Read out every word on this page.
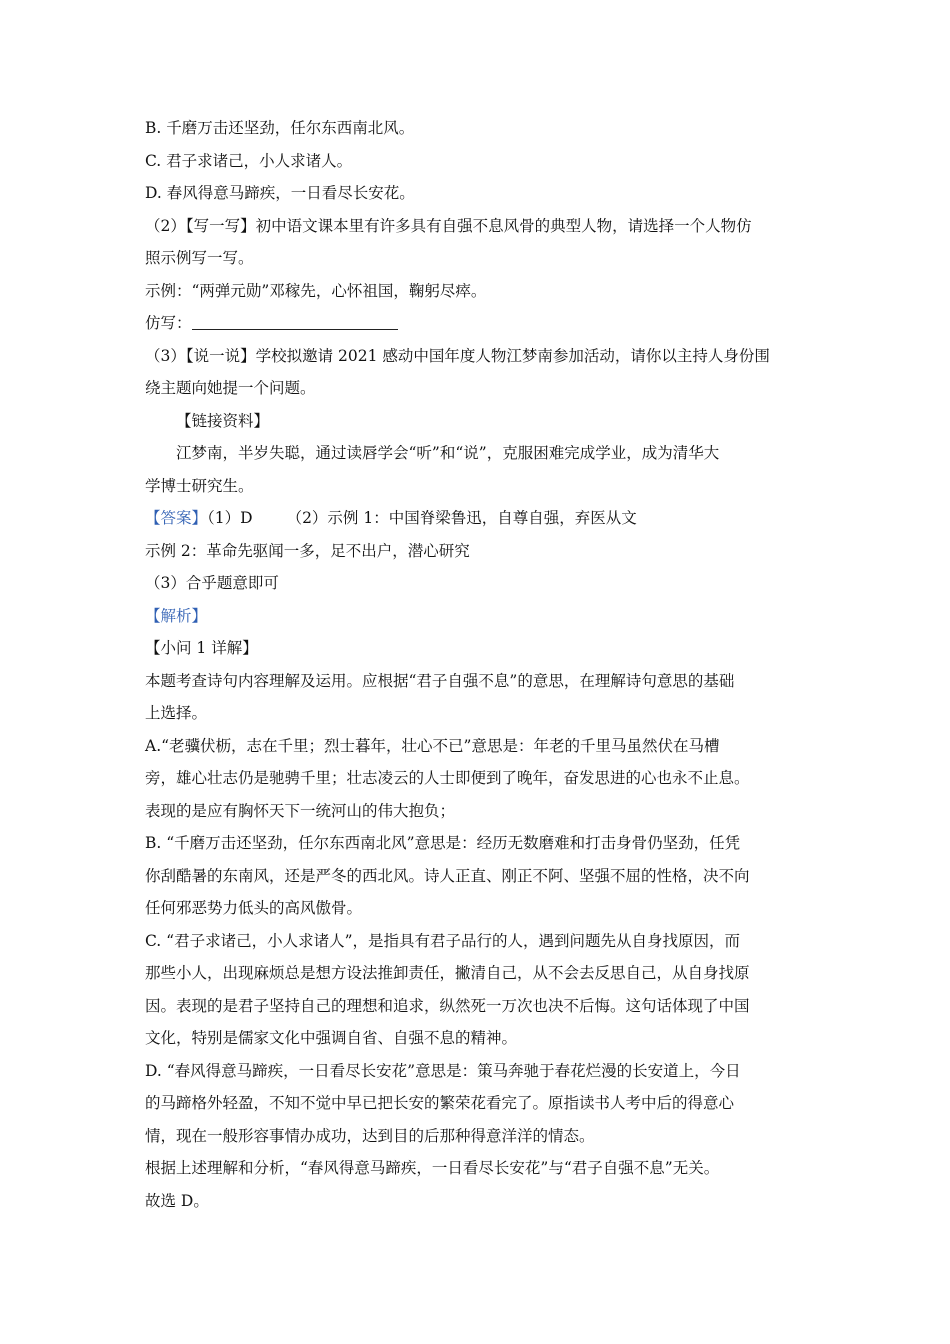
B. 千磨万击还坚劲，任尔东西南北风。
C. 君子求诸己，小人求诸人。
D. 春风得意马蹄疾，一日看尽长安花。
（2）【写一写】初中语文课本里有许多具有自强不息风骨的典型人物，请选择一个人物仿
照示例写一写。
示例：“两弹元勋”邓稼先，心怀祖国，鞠躬尽瘁。
仿写：
（3）【说一说】学校拟邀请 2021 感动中国年度人物江梦南参加活动，请你以主持人身份围
绕主题向她提一个问题。
【链接资料】
江梦南，半岁失聪，通过读唇学会“听”和“说”，克服困难完成学业，成为清华大
学博士研究生。
【答案】（1）D （2）示例 1：中国脊梁鲁迅，自尊自强，弃医从文
示例 2：革命先驱闻一多，足不出户，潜心研究
（3）合乎题意即可
【解析】
【小问 1 详解】
本题考查诗句内容理解及运用。应根据“君子自强不息”的意思，在理解诗句意思的基础
上选择。
A.“老骥伏枥，志在千里；烈士暮年，壮心不已”意思是：年老的千里马虽然伏在马槽
旁，雄心壮志仍是驰骋千里；壮志凌云的人士即便到了晚年，奋发思进的心也永不止息。
表现的是应有胸怀天下一统河山的伟大抱负；
B. “千磨万击还坚劲，任尔东西南北风”意思是：经历无数磨难和打击身骨仍坚劲，任凭
你刮酷暑的东南风，还是严冬的西北风。诗人正直、刚正不阿、坚强不屈的性格，决不向
任何邪恶势力低头的高风傲骨。
C. “君子求诸己，小人求诸人”，是指具有君子品行的人，遇到问题先从自身找原因，而
那些小人，出现麻烦总是想方设法推卸责任，撇清自己，从不会去反思自己，从自身找原
因。表现的是君子坚持自己的理想和追求，纵然死一万次也决不后悔。这句话体现了中国
文化，特别是儒家文化中强调自省、自强不息的精神。
D. “春风得意马蹄疾，一日看尽长安花”意思是：策马奔驰于春花烂漫的长安道上，今日
的马蹄格外轻盈，不知不觉中早已把长安的繁荣花看完了。原指读书人考中后的得意心
情，现在一般形容事情办成功，达到目的后那种得意洋洋的情态。
根据上述理解和分析，“春风得意马蹄疾，一日看尽长安花”与“君子自强不息”无关。
故选 D。
